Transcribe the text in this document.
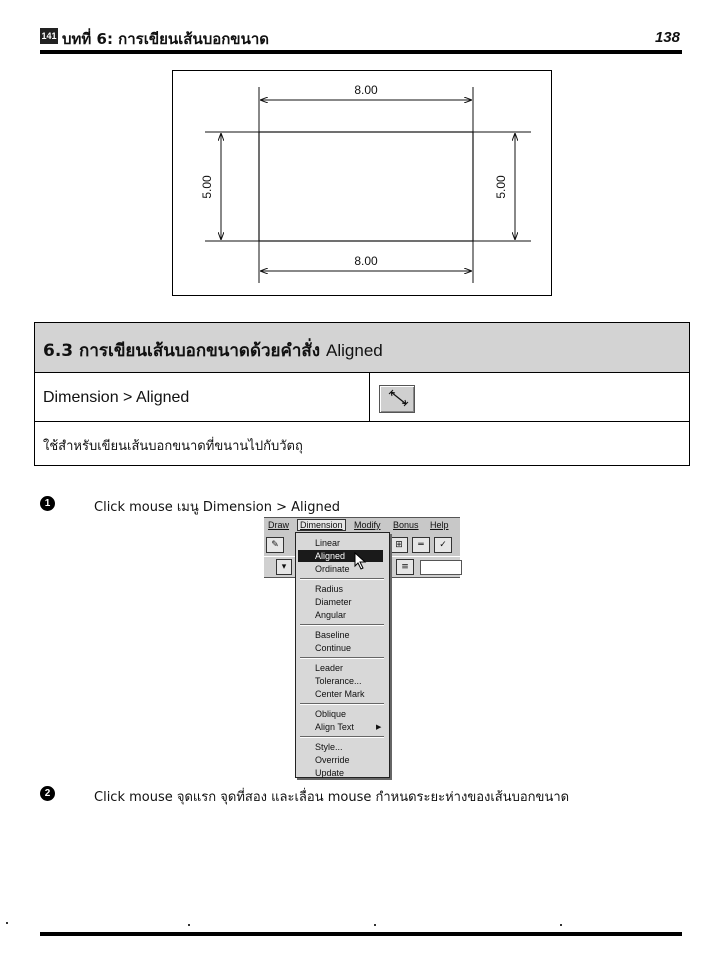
141 บทที่ 6: การเขียนเส้นบอกขนาด	138
8.00
8.00
5.00	5.00
6.3 การเขียนเส้นบอกขนาดด้วยคำสั่ง Aligned
Dimension > Aligned
ใช้สำหรับเขียนเส้นบอกขนาดที่ขนานไปกับวัตถุ
1	Click mouse เมนู Dimension > Aligned
Draw	Dimension	Modify Bonus Help
✎	⊞	═	✓
▾	≡
Linear
Aligned
Ordinate
Radius
Diameter
Angular
Baseline
Continue
Leader
Tolerance...
Center Mark
Oblique
Align Text	▶
Style...
Override
Update
2	Click mouse จุดแรก จุดที่สอง และเลื่อน mouse กำหนดระยะห่างของเส้นบอกขนาด
